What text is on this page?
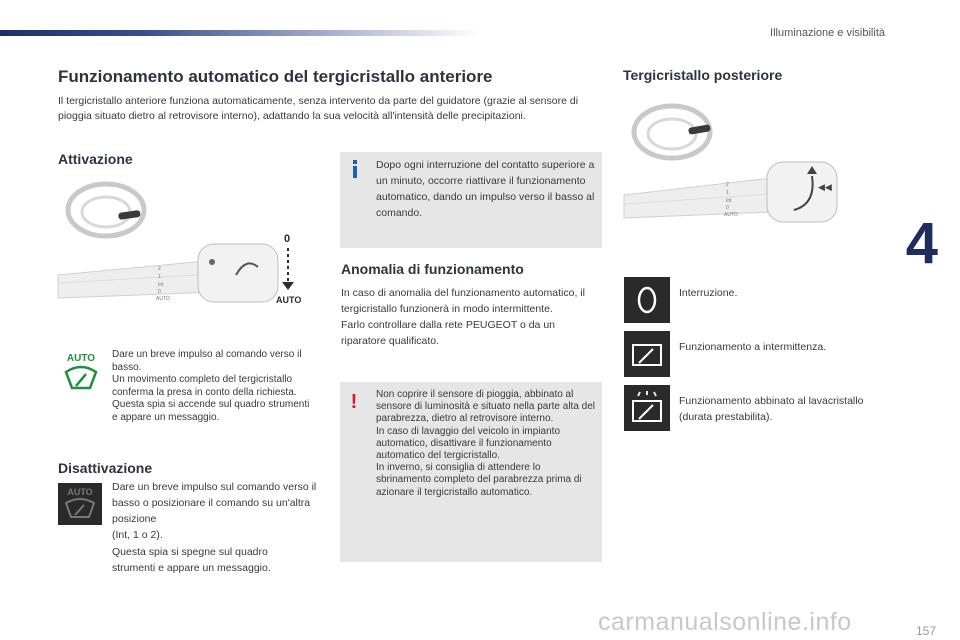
Illuminazione e visibilità
4
Funzionamento automatico del tergicristallo anteriore

Il tergicristallo anteriore funziona automaticamente, senza intervento da parte del guidatore (grazie al sensore di pioggia situato dietro al retrovisore interno), adattando la sua velocità all'intensità delle precipitazioni.

Attivazione
0
AUTO
2
1
Int
0
AUTO
AUTO	Dare un breve impulso al comando verso il basso.
Un movimento completo del tergicristallo conferma la presa in conto della richiesta.
Questa spia si accende sul quadro strumenti e appare un messaggio.

Disattivazione
AUTO	Dare un breve impulso sul comando verso il basso o posizionare il comando su un'altra posizione
(Int, 1 o 2).

Questa spia si spegne sul quadro strumenti e appare un messaggio.

Dopo ogni interruzione del contatto superiore a un minuto, occorre riattivare il funzionamento automatico, dando un impulso verso il basso al comando.

Anomalia di funzionamento

In caso di anomalia del funzionamento automatico, il tergicristallo funzionerà in modo intermittente.
Farlo controllare dalla rete PEUGEOT o da un riparatore qualificato.

!	Non coprire il sensore di pioggia, abbinato al sensore di luminosità e situato nella parte alta del parabrezza, dietro al retrovisore interno.
In caso di lavaggio del veicolo in impianto automatico, disattivare il funzionamento automatico del tergicristallo.
In inverno, si consiglia di attendere lo sbrinamento completo del parabrezza prima di azionare il tergicristallo automatico.

Tergicristallo posteriore
◀◀
2
1
Int
0
AUTO

Interruzione.

Funzionamento a intermittenza.

Funzionamento abbinato al lavacristallo (durata prestabilita).

carmanualsonline.info	157
